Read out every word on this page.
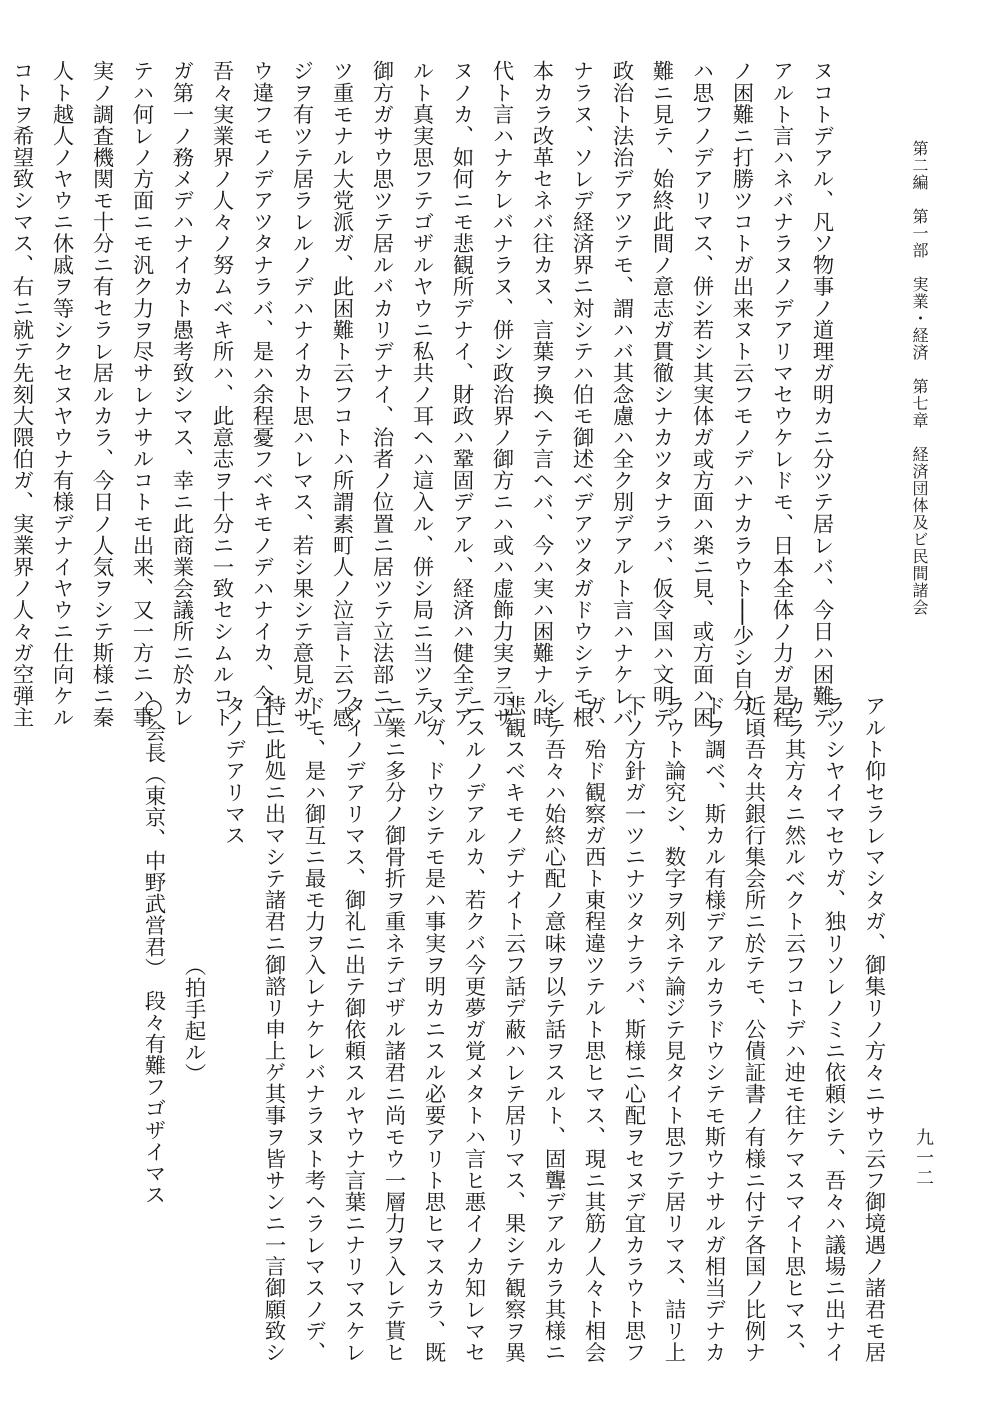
第二編　第一部　実業・経済　第七章　経済団体及ビ民間諸会
九一二
ヌコトデアル、凡ソ物事ノ道理ガ明カニ分ツテ居レバ、今日ハ困難デ
アルト言ハネバナラヌノデアリマセウケレドモ、日本全体ノ力ガ是程
ノ困難ニ打勝ツコトガ出来ヌト云フモノデハナカラウト──少シ自分
ハ思フノデアリマス、併シ若シ其実体ガ或方面ハ楽ニ見、或方面ハ困
難ニ見テ、始終此間ノ意志ガ貫徹シナカツタナラバ、仮令国ハ文明デ
政治ト法治デアツテモ、謂ハバ其念慮ハ全ク別デアルト言ハナケレバ
ナラヌ、ソレデ経済界ニ対シテハ伯モ御述ベデアツタガドウシテモ根
本カラ改革セネバ往カヌ、言葉ヲ換ヘテ言ヘバ、今ハ実ハ困難ナル時
代ト言ハナケレバナラヌ、併シ政治界ノ御方ニハ或ハ虚飾力実ヲ示サ
ヌノカ、如何ニモ悲観所デナイ、財政ハ鞏固デアル、経済ハ健全デア
ルト真実思フテゴザルヤウニ私共ノ耳ヘハ這入ル、併シ局ニ当ツテル
御方ガサウ思ツテ居ルバカリデナイ、治者ノ位置ニ居ツテ立法部ニ立
ツ重モナル大党派ガ、此困難ト云フコトハ所謂素町人ノ泣言ト云フ感
ジヲ有ツテ居ラレルノデハナイカト思ハレマス、若シ果シテ意見ガサ
ウ違フモノデアツタナラバ、是ハ余程憂フベキモノデハナイカ、今日
吾々実業界ノ人々ノ努ムベキ所ハ、此意志ヲ十分ニ一致セシムルコト
ガ第一ノ務メデハナイカト愚考致シマス、幸ニ此商業会議所ニ於カレ
テハ何レノ方面ニモ汎ク力ヲ尽サレナサルコトモ出来、又一方ニハ事
実ノ調査機関モ十分ニ有セラレ居ルカラ、今日ノ人気ヲシテ斯様ニ秦
人ト越人ノヤウニ休戚ヲ等シクセヌヤウナ有様デナイヤウニ仕向ケル
コトヲ希望致シマス、右ニ就テ先刻大隈伯ガ、実業界ノ人々ガ空弾主
アルト仰セラレマシタガ、御集リノ方々ニサウ云フ御境遇ノ諸君モ居
ラツシヤイマセウガ、独リソレノミニ依頼シテ、吾々ハ議場ニ出ナイ
カラ其方々ニ然ルベクト云フコトデハ迚モ往ケマスマイト思ヒマス、
近頃吾々共銀行集会所ニ於テモ、公債証書ノ有様ニ付テ各国ノ比例ナ
ドヲ調ベ、斯カル有様デアルカラドウシテモ斯ウナサルガ相当デナカ
ラウト論究シ、数字ヲ列ネテ論ジテ見タイト思フテ居リマス、詰リ上
下ノ方針ガ一ツニナツタナラバ、斯様ニ心配ヲセヌデ宜カラウト思フ
ガ、殆ド観察ガ西ト東程違ツテルト思ヒマス、現ニ其筋ノ人々ト相会
シテ吾々ハ始終心配ノ意味ヲ以テ話ヲスルト、固聾デアルカラ其様ニ
悲観スベキモノデナイト云フ話デ蔽ハレテ居リマス、果シテ観察ヲ異
ニスルノデアルカ、若クバ今更夢ガ覚メタトハ言ヒ悪イノカ知レマセ
ヌガ、ドウシテモ是ハ事実ヲ明カニスル必要アリト思ヒマスカラ、既
ニ業ニ多分ノ御骨折ヲ重ネテゴザル諸君ニ尚モウ一層力ヲ入レテ貰ヒ
タイノデアリマス、御礼ニ出テ御依頼スルヤウナ言葉ニナリマスケレ
ドモ、是ハ御互ニ最モ力ヲ入レナケレバナラヌト考ヘラレマスノデ、
特ニ此処ニ出マシテ諸君ニ御諮リ申上ゲ其事ヲ皆サンニ一言御願致シ
タノデアリマス
（拍手起ル）
○会長（東京、中野武営君）　段々有難フゴザイマス
